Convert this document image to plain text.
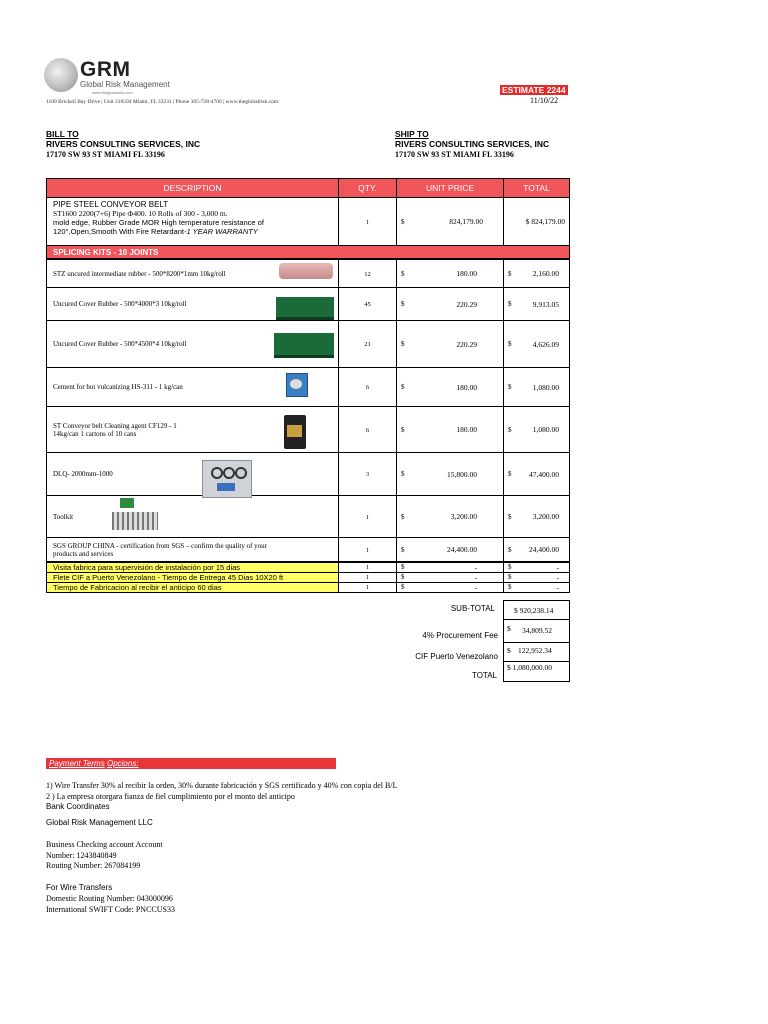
GRM
Global Risk Management
www.theglobalrisk.com
1100 Brickell Bay Drive | Unit 310594 Miami, FL 33231 | Phone 305-728-4700 | www.theglobalrisk.com
ESTIMATE 2244
11/10/22
BILL TO
RIVERS CONSULTING SERVICES, INC
17170 SW 93 ST MIAMI FL 33196
SHIP TO
RIVERS CONSULTING SERVICES, INC
17170 SW 93 ST MIAMI FL 33196
DESCRIPTION	QTY.	UNIT PRICE	TOTAL
PIPE STEEL CONVEYOR BELT
ST1600 2200(7+6) Pipe Ф400. 10 Rolls of 300 - 3,000 m.
mold edge, Rubber Grade MOR High temperature resistance of
120°,Open,Smooth With Fire Retardant-1 YEAR WARRANTY
1	$	824,179.00	$ 824,179.00
SPLICING KITS - 10 JOINTS
STZ uncured intermediate rubber - 500*8200*1mm 10kg/roll	12	$	180.00	$	2,160.00
Uncured Cover Rubber - 500*4000*3 10kg/roll	45	$	220.29	$	9,913.05
Uncured Cover Rubber - 500*4500*4 10kg/roll	21	$	220.29	$	4,626.09
Cement for hot vulcanizing HS-311 - 1 kg/can	6	$	180.00	$	1,080.00
ST Conveyor belt Cleaning agent CF129 - 1
14kg/can 1 cartons of 10 cans	6	$	180.00	$	1,080.00
DLQ- 2000mm-1000	3	$	15,800.00	$ 47,400.00
Toolkit	1	$	3,200.00	$	3,200.00
SGS GROUP CHINA - certification from SGS – confirm the quality of your
products and services	1	$	24,400.00	$ 24,400.00
Visita fabrica para supervisión de instalación por 15 dias	1	$	-	$	-
Flete CIF a Puerto Venezolano - Tiempo de Entrega 45 Dias 10X20 ft	1	$	-	$	-
Tiempo de Fabricacion al recibir el anticipo 60 dias	1	$	-	$	-
SUB-TOTAL	$ 920,238.14
4% Procurement Fee
$ 34,809.52
CIF Puerto Venezolano
$ 122,952.34
TOTAL
$ 1,080,000.00
Payment Terms Opcions:
1) Wire Transfer 30% al recibir la orden, 30% durante fabricación y SGS certificado y 40% con copia del B/L
2 ) La empresa otorgara fianza de fiel cumplimiento por el monto del anticipo
Bank Coordinates
Global Risk Management LLC
Business Checking account Account
Number: 1243840849
Routing Number: 267084199
For Wire Transfers
Domestic Routing Number: 043000096
International SWIFT Code: PNCCUS33
